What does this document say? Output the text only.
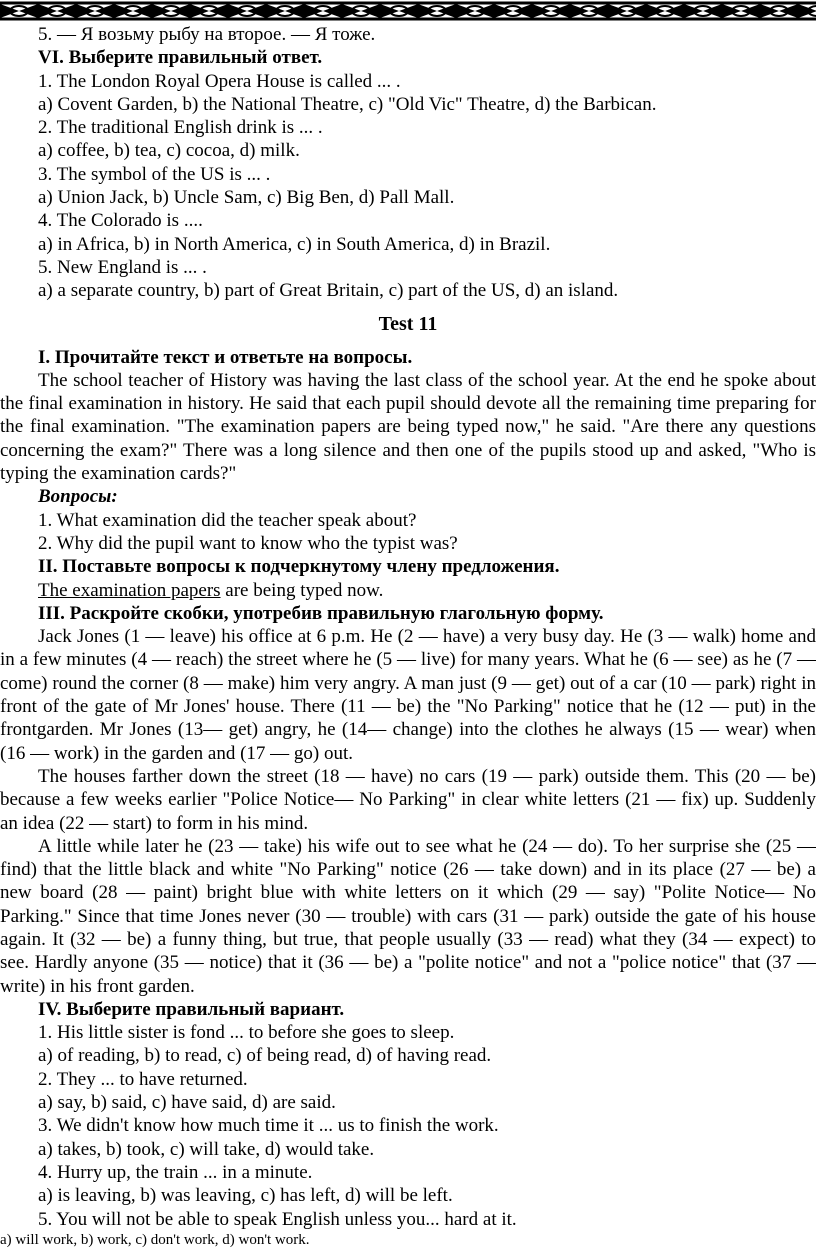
5. — Я возьму рыбу на второе. — Я тоже.
VI. Выберите правильный ответ.
1. The London Royal Opera House is called ... .
a) Covent Garden, b) the National Theatre, c) "Old Vic" Theatre, d) the Barbican.
2. The traditional English drink is ... .
a) coffee, b) tea, c) cocoa, d) milk.
3. The symbol of the US is ... .
a) Union Jack, b) Uncle Sam, c) Big Ben, d) Pall Mall.
4. The Colorado is ....
a) in Africa, b) in North America, c) in South America, d) in Brazil.
5. New England is ... .
a) a separate country, b) part of Great Britain, c) part of the US, d) an island.
Test 11
I. Прочитайте текст и ответьте на вопросы.

The school teacher of History was having the last class of the school year. At the end he spoke about the final examination in history. He said that each pupil should devote all the remaining time preparing for the final examination. "The examination papers are being typed now," he said. "Are there any questions concerning the exam?" There was a long silence and then one of the pupils stood up and asked, "Who is typing the examination cards?"

Вопросы:
1. What examination did the teacher speak about?
2. Why did the pupil want to know who the typist was?
II. Поставьте вопросы к подчеркнутому члену предложения.
The examination papers are being typed now.
III. Раскройте скобки, употребив правильную глагольную форму.

Jack Jones (1 — leave) his office at 6 p.m. He (2 — have) a very busy day. He (3 — walk) home and in a few minutes (4 — reach) the street where he (5 — live) for many years. What he (6 — see) as he (7 — come) round the corner (8 — make) him very angry. A man just (9 — get) out of a car (10 — park) right in front of the gate of Mr Jones' house. There (11 — be) the "No Parking" notice that he (12 — put) in the frontgarden. Mr Jones (13— get) angry, he (14— change) into the clothes he always (15 — wear) when (16 — work) in the garden and (17 — go) out.

The houses farther down the street (18 — have) no cars (19 — park) outside them. This (20 — be) because a few weeks earlier "Police Notice— No Parking" in clear white letters (21 — fix) up. Suddenly an idea (22 — start) to form in his mind.

A little while later he (23 — take) his wife out to see what he (24 — do). To her surprise she (25 — find) that the little black and white "No Parking" notice (26 — take down) and in its place (27 — be) a new board (28 — paint) bright blue with white letters on it which (29 — say) "Polite Notice— No Parking." Since that time Jones never (30 — trouble) with cars (31 — park) outside the gate of his house again. It (32 — be) a funny thing, but true, that people usually (33 — read) what they (34 — expect) to see. Hardly anyone (35 — notice) that it (36 — be) a "polite notice" and not a "police notice" that (37 — write) in his front garden.

IV. Выберите правильный вариант.
1. His little sister is fond ... to before she goes to sleep.
a) of reading, b) to read, c) of being read, d) of having read.
2. They ... to have returned.
a) say, b) said, c) have said, d) are said.
3. We didn't know how much time it ... us to finish the work.
a) takes, b) took, c) will take, d) would take.
4. Hurry up, the train ... in a minute.
a) is leaving, b) was leaving, c) has left, d) will be left.
5. You will not be able to speak English unless you... hard at it.
a) will work, b) work, c) don't work, d) won't work.
